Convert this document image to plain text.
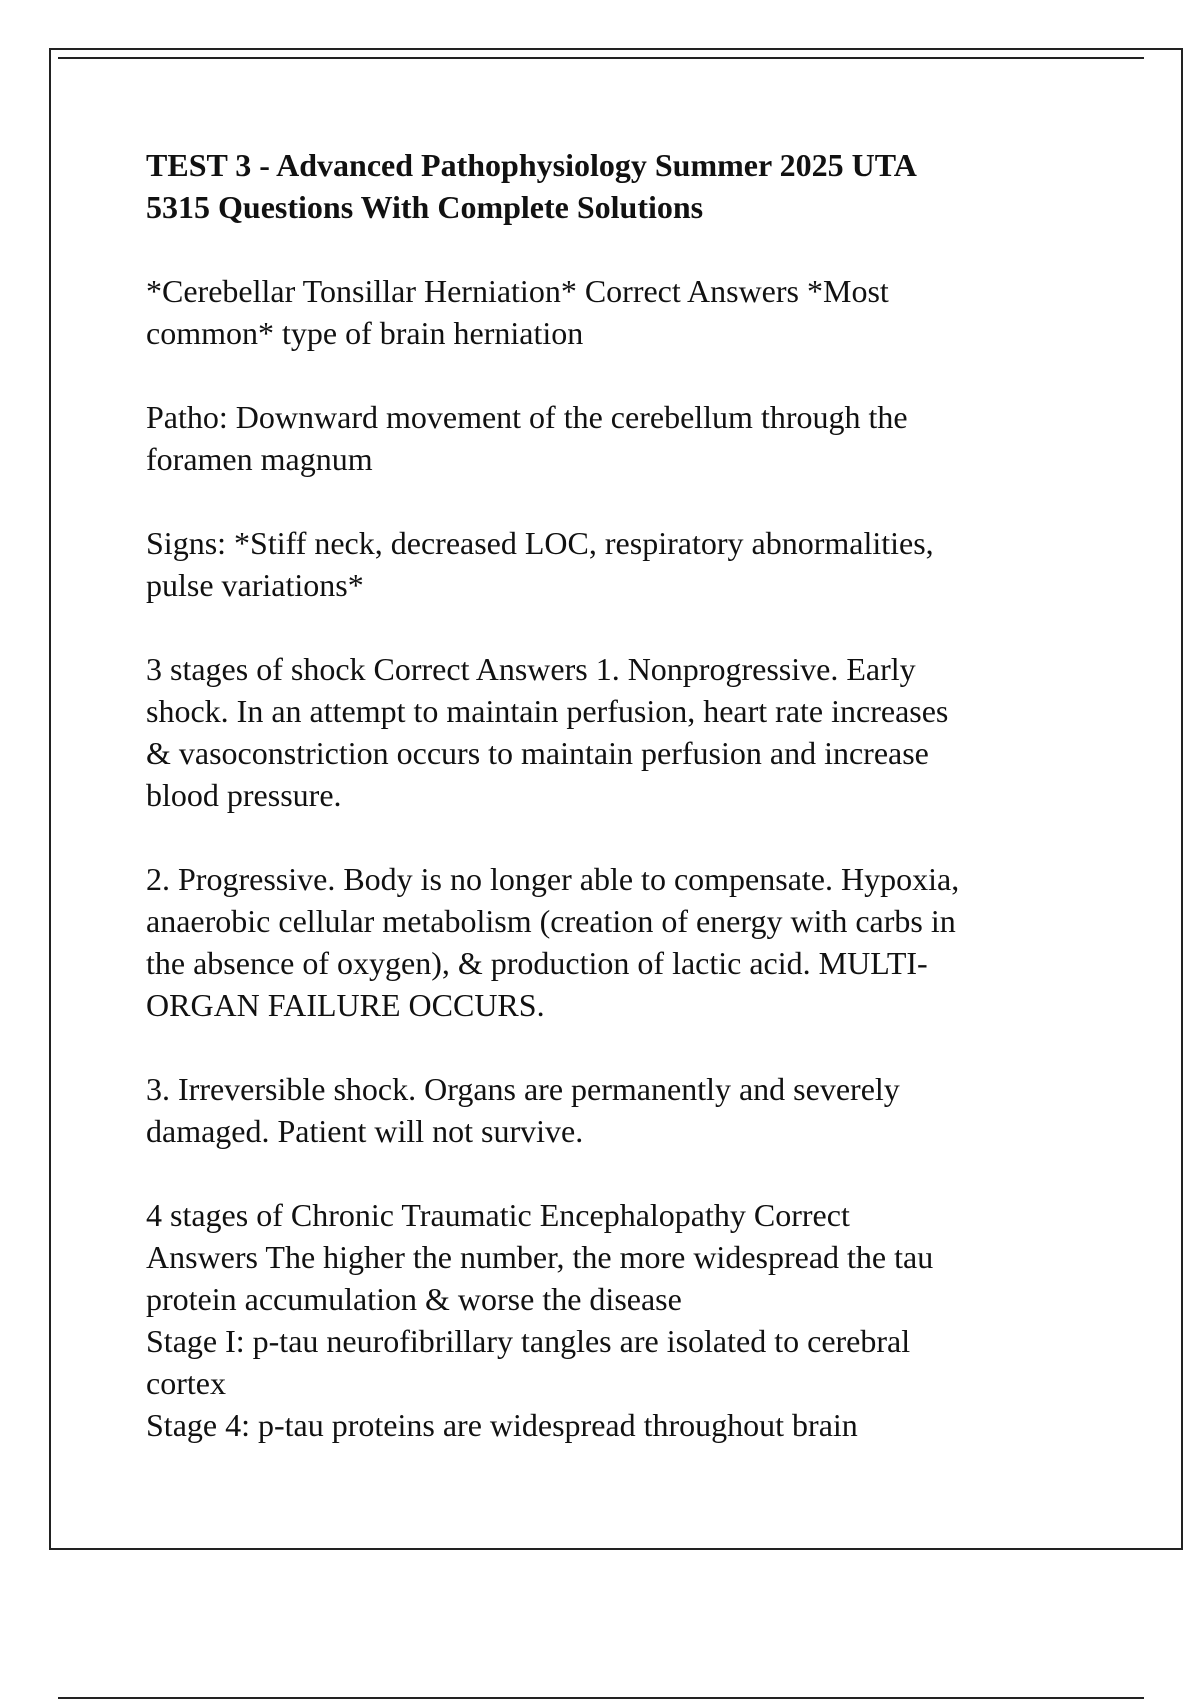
TEST 3 - Advanced Pathophysiology Summer 2025 UTA
5315 Questions With Complete Solutions

*Cerebellar Tonsillar Herniation* Correct Answers *Most
common* type of brain herniation

Patho: Downward movement of the cerebellum through the
foramen magnum

Signs: *Stiff neck, decreased LOC, respiratory abnormalities,
pulse variations*

3 stages of shock Correct Answers 1. Nonprogressive. Early
shock. In an attempt to maintain perfusion, heart rate increases
& vasoconstriction occurs to maintain perfusion and increase
blood pressure.

2. Progressive. Body is no longer able to compensate. Hypoxia,
anaerobic cellular metabolism (creation of energy with carbs in
the absence of oxygen), & production of lactic acid. MULTI-
ORGAN FAILURE OCCURS.

3. Irreversible shock. Organs are permanently and severely
damaged. Patient will not survive.

4 stages of Chronic Traumatic Encephalopathy Correct
Answers The higher the number, the more widespread the tau
protein accumulation & worse the disease
Stage I: p-tau neurofibrillary tangles are isolated to cerebral
cortex
Stage 4: p-tau proteins are widespread throughout brain
